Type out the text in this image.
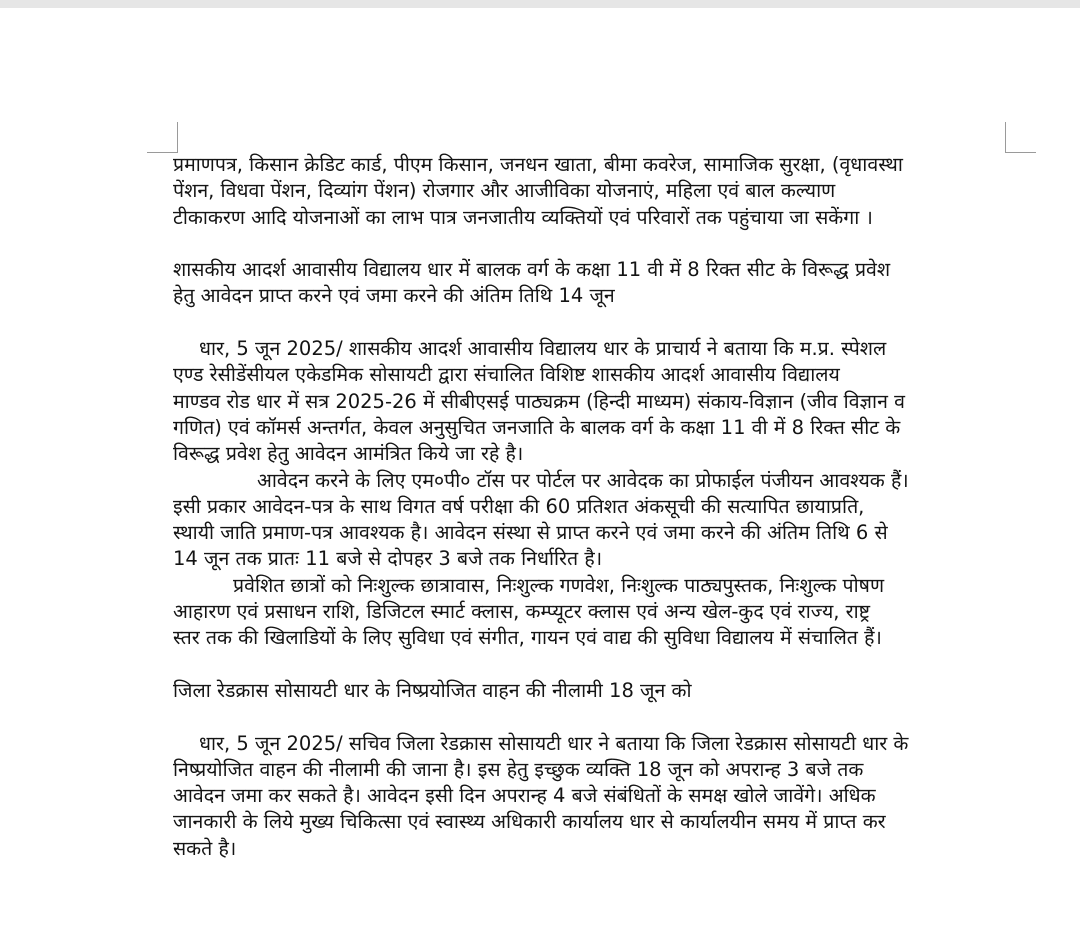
प्रमाणपत्र, किसान क्रेडिट कार्ड, पीएम किसान, जनधन खाता, बीमा कवरेज, सामाजिक सुरक्षा, (वृधावस्था
पेंशन, विधवा पेंशन, दिव्यांग पेंशन) रोजगार और आजीविका योजनाएं, महिला एवं बाल कल्याण
टीकाकरण आदि योजनाओं का लाभ पात्र जनजातीय व्यक्तियों एवं परिवारों तक पहुंचाया जा सकेंगा ।
शासकीय आदर्श आवासीय विद्यालय धार में बालक वर्ग के कक्षा 11 वी में 8 रिक्त सीट के विरूद्ध प्रवेश
हेतु आवेदन प्राप्त करने एवं जमा करने की अंतिम तिथि 14 जून
धार, 5 जून 2025/ शासकीय आदर्श आवासीय विद्यालय धार के प्राचार्य ने बताया कि म.प्र. स्पेशल
एण्ड रेसीडेंसीयल एकेडमिक सोसायटी द्वारा संचालित विशिष्ट शासकीय आदर्श आवासीय विद्यालय
माण्डव रोड धार में सत्र 2025-26 में सीबीएसई पाठ्यक्रम (हिन्दी माध्यम) संकाय-विज्ञान (जीव विज्ञान व
गणित) एवं कॉमर्स अन्तर्गत, केवल अनुसुचित जनजाति के बालक वर्ग के कक्षा 11 वी में 8 रिक्त सीट के
विरूद्ध प्रवेश हेतु आवेदन आमंत्रित किये जा रहे है।
आवेदन करने के लिए एम०पी० टॉस पर पोर्टल पर आवेदक का प्रोफाईल पंजीयन आवश्यक हैं।
इसी प्रकार आवेदन-पत्र के साथ विगत वर्ष परीक्षा की 60 प्रतिशत अंकसूची की सत्यापित छायाप्रति,
स्थायी जाति प्रमाण-पत्र आवश्यक है। आवेदन संस्था से प्राप्त करने एवं जमा करने की अंतिम तिथि 6 से
14 जून तक प्रातः 11 बजे से दोपहर 3 बजे तक निर्धारित है।
प्रवेशित छात्रों को निःशुल्क छात्रावास, निःशुल्क गणवेश, निःशुल्क पाठ्यपुस्तक, निःशुल्क पोषण
आहारण एवं प्रसाधन राशि, डिजिटल स्मार्ट क्लास, कम्प्यूटर क्लास एवं अन्य खेल-कुद एवं राज्य, राष्ट्र
स्तर तक की खिलाडियों के लिए सुविधा एवं संगीत, गायन एवं वाद्य की सुविधा विद्यालय में संचालित हैं।
जिला रेडक्रास सोसायटी धार के निष्प्रयोजित वाहन की नीलामी 18 जून को
धार, 5 जून 2025/ सचिव जिला रेडक्रास सोसायटी धार ने बताया कि जिला रेडक्रास सोसायटी धार के
निष्प्रयोजित वाहन की नीलामी की जाना है। इस हेतु इच्छुक व्यक्ति 18 जून को अपरान्ह 3 बजे तक
आवेदन जमा कर सकते है। आवेदन इसी दिन अपरान्ह 4 बजे संबंधितों के समक्ष खोले जावेंगे। अधिक
जानकारी के लिये मुख्य चिकित्सा एवं स्वास्थ्य अधिकारी कार्यालय धार से कार्यालयीन समय में प्राप्त कर
सकते है।
